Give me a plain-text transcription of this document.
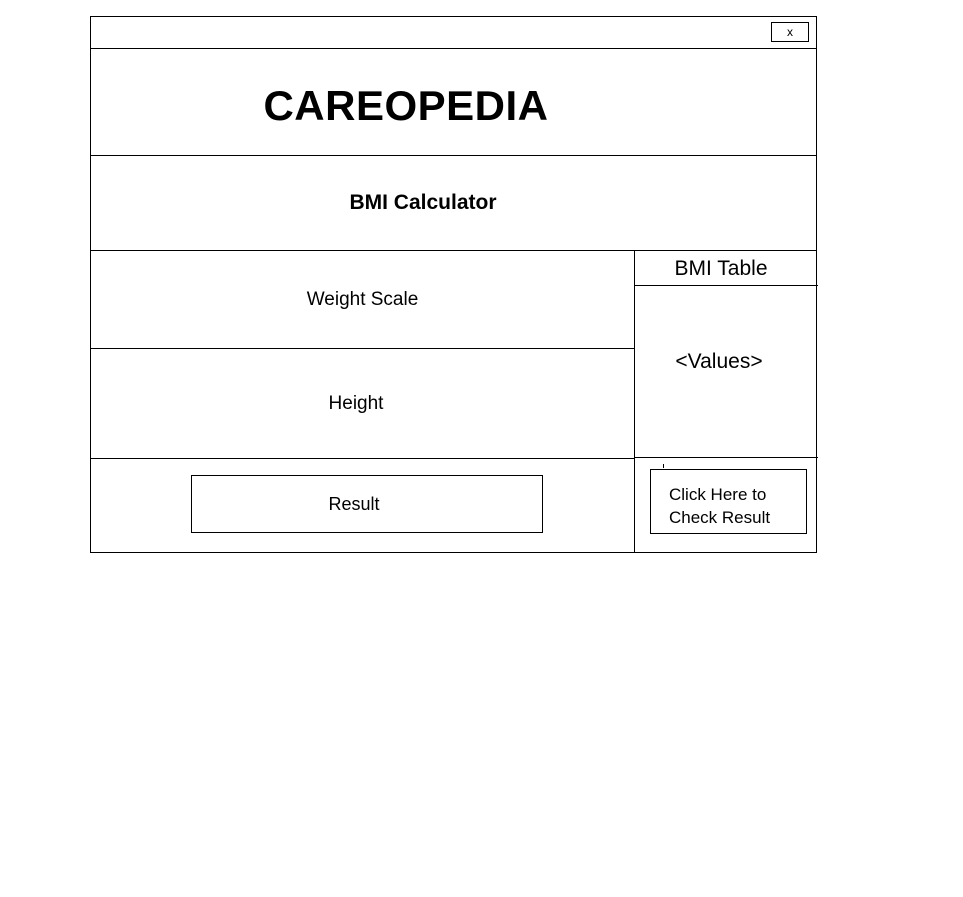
x
CAREOPEDIA
BMI Calculator
Weight Scale
Height
BMI Table
<Values>
Result	Click Here to
Check Result
